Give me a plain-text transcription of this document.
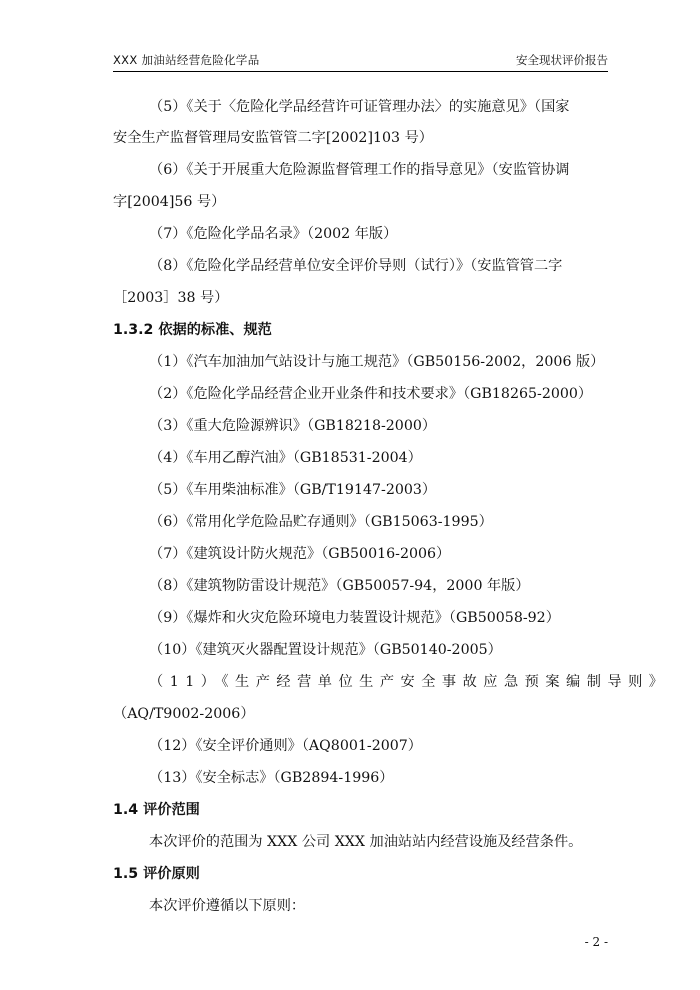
XXX 加油站经营危险化学品	安全现状评价报告
（5）《关于〈危险化学品经营许可证管理办法〉的实施意见》（国家
安全生产监督管理局安监管管二字[2002]103 号）
（6）《关于开展重大危险源监督管理工作的指导意见》（安监管协调
字[2004]56 号）
（7）《危险化学品名录》（2002 年版）
（8）《危险化学品经营单位安全评价导则（试行）》（安监管管二字
［2003］38 号）
1.3.2 依据的标准、规范
（1）《汽车加油加气站设计与施工规范》（GB50156-2002，2006 版）
（2）《危险化学品经营企业开业条件和技术要求》（GB18265-2000）
（3）《重大危险源辨识》（GB18218-2000）
（4）《车用乙醇汽油》（GB18531-2004）
（5）《车用柴油标准》（GB/T19147-2003）
（6）《常用化学危险品贮存通则》（GB15063-1995）
（7）《建筑设计防火规范》（GB50016-2006）
（8）《建筑物防雷设计规范》（GB50057-94，2000 年版）
（9）《爆炸和火灾危险环境电力装置设计规范》（GB50058-92）
（10）《建筑灭火器配置设计规范》（GB50140-2005）
（11）《生产经营单位生产安全事故应急预案编制导则》
（AQ/T9002-2006）
（12）《安全评价通则》（AQ8001-2007）
（13）《安全标志》（GB2894-1996）
1.4 评价范围
本次评价的范围为 XXX 公司 XXX 加油站站内经营设施及经营条件。
1.5 评价原则
本次评价遵循以下原则：
- 2 -
